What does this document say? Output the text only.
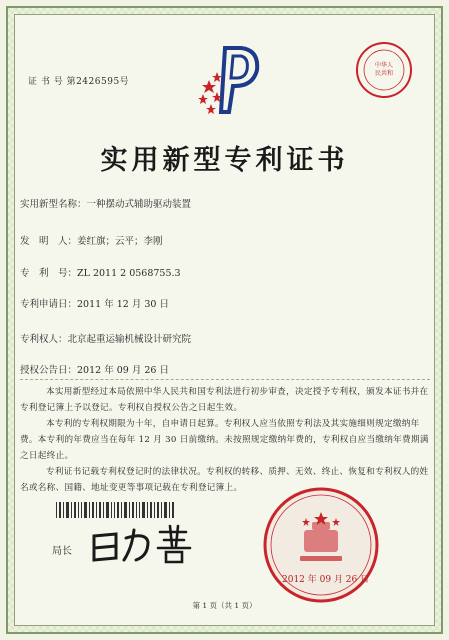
证 书 号 第2426595号
中华人
民共和
实用新型专利证书
实用新型名称：一种摆动式辅助驱动装置
发　明　人：姜红旗；云平；李刚
专　利　号：ZL 2011 2 0568755.3
专利申请日：2011 年 12 月 30 日
专利权人：北京起重运输机械设计研究院
授权公告日：2012 年 09 月 26 日
本实用新型经过本局依照中华人民共和国专利法进行初步审查，决定授予专利权，颁发本证书并在专利登记簿上予以登记。专利权自授权公告之日起生效。
本专利的专利权期限为十年，自申请日起算。专利权人应当依照专利法及其实施细则规定缴纳年费。本专利的年费应当在每年 12 月 30 日前缴纳。未按照规定缴纳年费的，专利权自应当缴纳年费期满之日起终止。
专利证书记载专利权登记时的法律状况。专利权的转移、质押、无效、终止、恢复和专利权人的姓名或名称、国籍、地址变更等事项记载在专利登记簿上。
局长
2012 年 09 月 26 日
第 1 页（共 1 页）
